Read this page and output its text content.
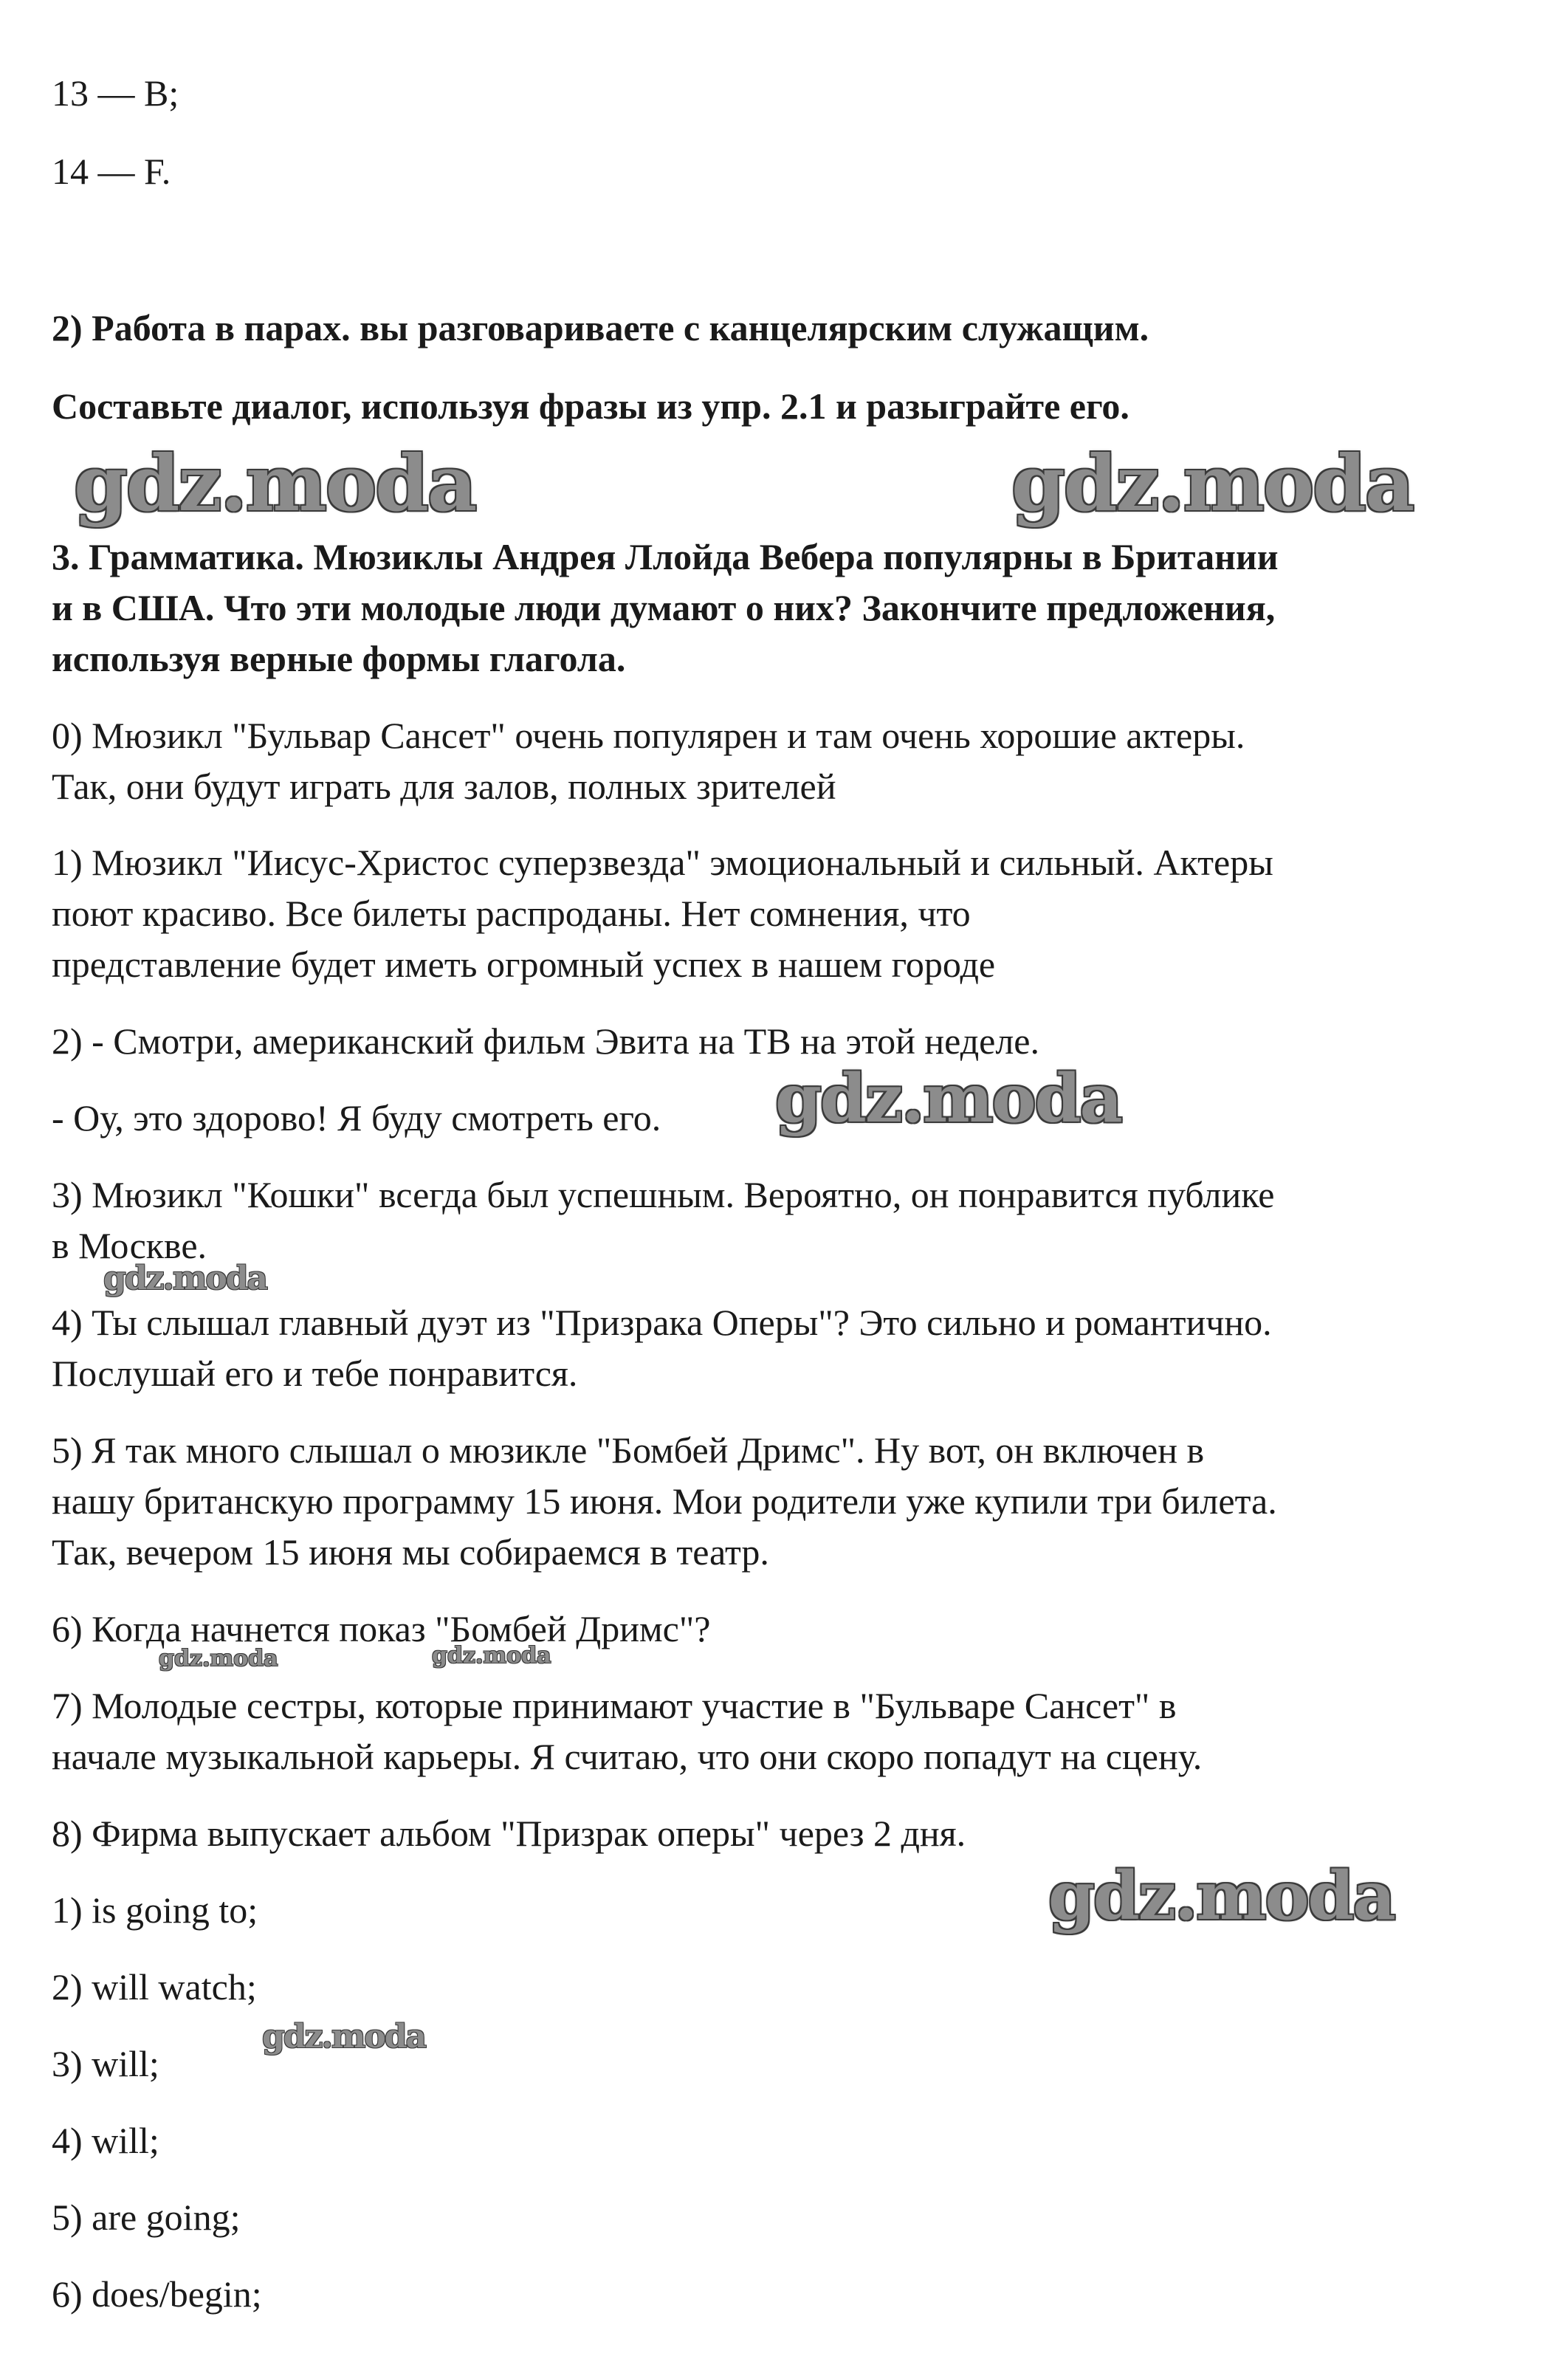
13 — B;
14 — F.
2) Работа в парах. вы разговариваете с канцелярским служащим.
Составьте диалог, используя фразы из упр. 2.1 и разыграйте его.
3. Грамматика. Мюзиклы Андрея Ллойда Вебера популярны в Британии
и в США. Что эти молодые люди думают о них? Закончите предложения,
используя верные формы глагола.
0) Мюзикл "Бульвар Сансет" очень популярен и там очень хорошие актеры.
Так, они будут играть для залов, полных зрителей
1) Мюзикл "Иисус-Христос суперзвезда" эмоциональный и сильный. Актеры
поют красиво. Все билеты распроданы. Нет сомнения, что
представление будет иметь огромный успех в нашем городе
2) - Смотри, американский фильм Эвита на ТВ на этой неделе.
- Оу, это здорово! Я буду смотреть его.
3) Мюзикл "Кошки" всегда был успешным. Вероятно, он понравится публике
в Москве.
4) Ты слышал главный дуэт из "Призрака Оперы"? Это сильно и романтично.
Послушай его и тебе понравится.
5) Я так много слышал о мюзикле "Бомбей Дримс". Ну вот, он включен в
нашу британскую программу 15 июня. Мои родители уже купили три билета.
Так, вечером 15 июня мы собираемся в театр.
6) Когда начнется показ "Бомбей Дримс"?
7) Молодые сестры, которые принимают участие в "Бульваре Сансет" в
начале музыкальной карьеры. Я считаю, что они скоро попадут на сцену.
8) Фирма выпускает альбом "Призрак оперы" через 2 дня.
1) is going to;
2) will watch;
3) will;
4) will;
5) are going;
6) does/begin;
gdz.moda	gdz.moda
gdz.moda
gdz.moda
gdz.moda	gdz.moda
gdz.moda
gdz.moda
